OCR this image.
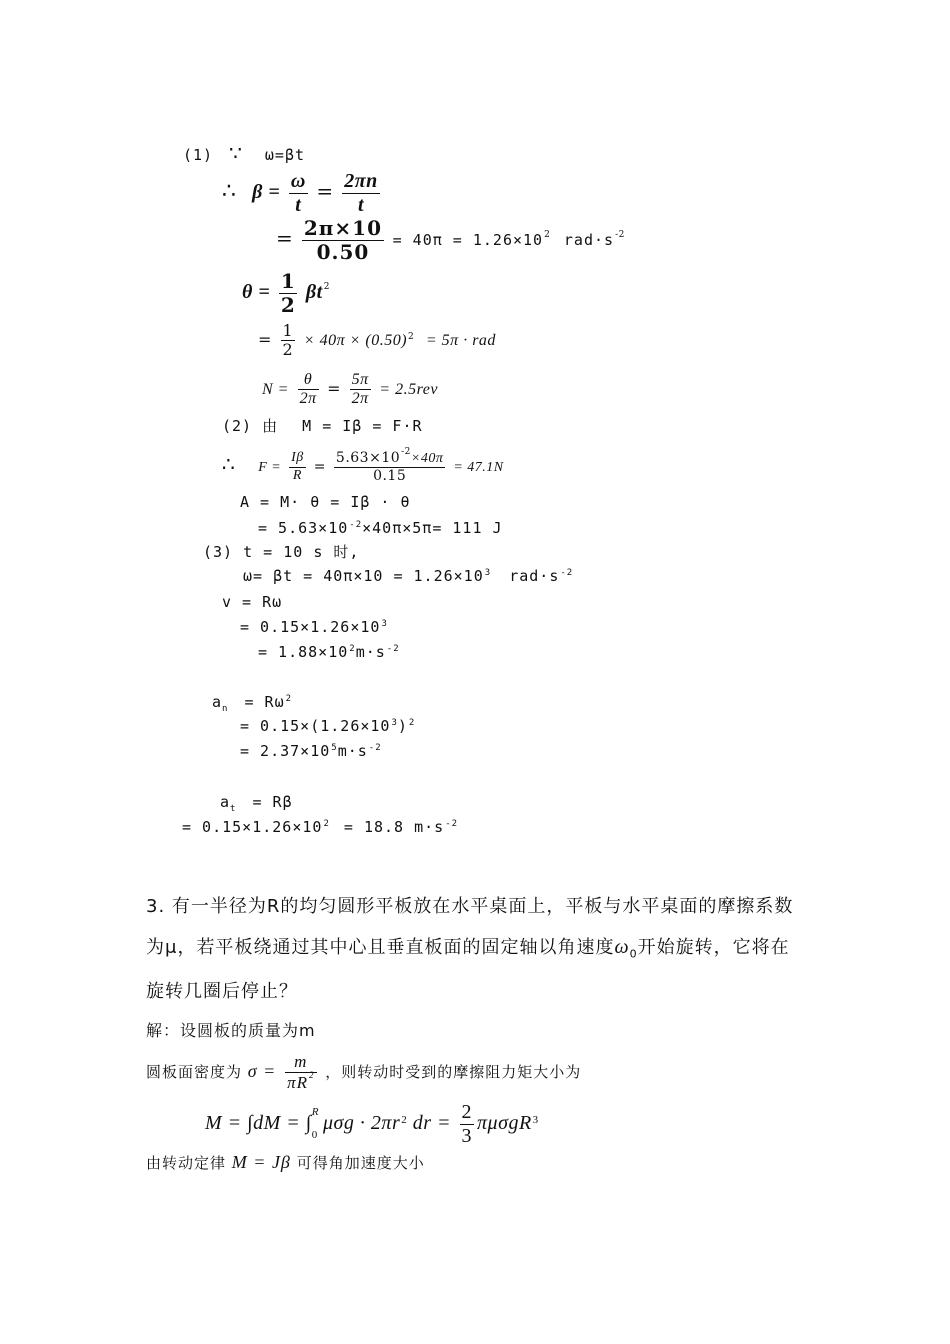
(1) ∵ ω=βt
∴ $\beta = \frac{\omega}{t} = \frac{2\pi n}{t}$
= $\frac{2\pi\times 10}{0.50} = 40\pi = 1.26\times 10^2$ $rad\cdot s^{-2}$
$\theta = \frac{1}{2} \beta t^2$
= $\frac{1}{2} \times 40\pi \times (0.50)^2 = 5\pi$ · rad
$N = \frac{\theta}{2\pi} = \frac{5\pi}{2\pi} = 2.5rev$
(2) 由 M = Iβ = F·R
∴ $F = \frac{I\beta}{R} = \frac{5.63\times 10^{-2}\times 40\pi}{0.15} = 47.1N$
A = M· θ = Iβ · θ
= $5.63\times 10^{-2}\times 40\pi\times 5\pi= 111$ J
(3) t = 10 s 时,
$\omega= \beta t = 40\pi\times 10 = 1.26\times 10^3$ $rad\cdot s^{-2}$
v = Rω
= $0.15\times 1.26\times 10^3$
= $1.88\times 10^2m\cdot s^{-2}$
$a_n = R\omega^2$
= $0.15\times(1.26\times 10^3)^2$
= $2.37\times 10^5m\cdot s^{-2}$
$a_t = R\beta$
= $0.15\times 1.26\times 10^2 = 18.8$ $m\cdot s^{-2}$
3. 有一半径为R的均匀圆形平板放在水平桌面上，平板与水平桌面的摩擦系数
为μ，若平板绕通过其中心且垂直板面的固定轴以角速度$\omega_0$开始旋转，它将在
旋转几圈后停止？
解：设圆板的质量为m
圆板面密度为 $\sigma = \frac{m}{\pi R^2}$ ，则转动时受到的摩擦阻力矩大小为
M = ∫dM = ∫ R
0
$\mu\sigma g \cdot 2\pi r^2$ dr = $\frac{2}{3} \pi\mu\sigma gR^3$
由转动定律 M = Jβ 可得角加速度大小
